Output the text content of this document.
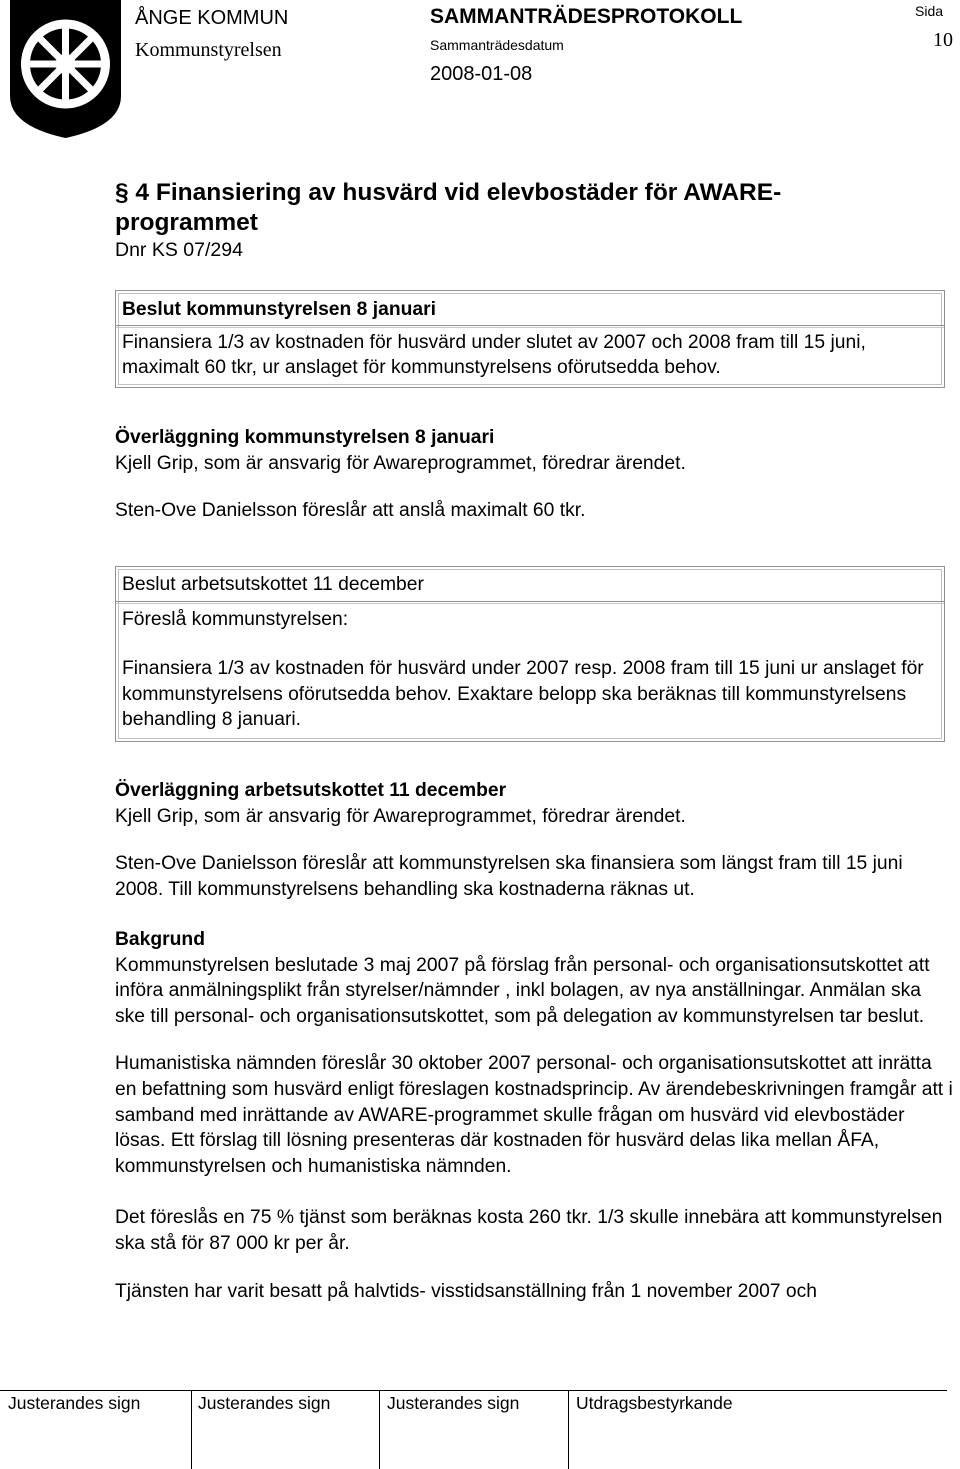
ÅNGE KOMMUN
Kommunstyrelsen
SAMMANTRÄDESPROTOKOLL
Sammanträdesdatum
2008-01-08
Sida
10
§ 4 Finansiering av husvärd vid elevbostäder för AWARE-programmet
Dnr KS 07/294

Beslut kommunstyrelsen 8 januari

Finansiera 1/3 av kostnaden för husvärd under slutet av 2007 och 2008 fram till 15 juni, maximalt 60 tkr, ur anslaget för kommunstyrelsens oförutsedda behov.

Överläggning kommunstyrelsen 8 januari

Kjell Grip, som är ansvarig för Awareprogrammet, föredrar ärendet.

Sten-Ove Danielsson föreslår att anslå maximalt 60 tkr.

Beslut arbetsutskottet 11 december

Föreslå kommunstyrelsen:

Finansiera 1/3 av kostnaden för husvärd under 2007 resp. 2008 fram till 15 juni ur anslaget för kommunstyrelsens oförutsedda behov. Exaktare belopp ska beräknas till kommunstyrelsens behandling 8 januari.

Överläggning arbetsutskottet 11 december

Kjell Grip, som är ansvarig för Awareprogrammet, föredrar ärendet.

Sten-Ove Danielsson föreslår att kommunstyrelsen ska finansiera som längst fram till 15 juni 2008. Till kommunstyrelsens behandling ska kostnaderna räknas ut.

Bakgrund

Kommunstyrelsen beslutade 3 maj 2007 på förslag från personal- och organisationsutskottet att införa anmälningsplikt från styrelser/nämnder , inkl bolagen, av nya anställningar. Anmälan ska ske till personal- och organisationsutskottet, som på delegation av kommunstyrelsen tar beslut.

Humanistiska nämnden föreslår 30 oktober 2007 personal- och organisationsutskottet att inrätta en befattning som husvärd enligt föreslagen kostnadsprincip. Av ärendebeskrivningen framgår att i samband med inrättande av AWARE-programmet skulle frågan om husvärd vid elevbostäder lösas. Ett förslag till lösning presenteras där kostnaden för husvärd delas lika mellan ÅFA, kommunstyrelsen och humanistiska nämnden.

Det föreslås en 75 % tjänst som beräknas kosta 260 tkr. 1/3 skulle innebära att kommunstyrelsen ska stå för 87 000 kr per år.

Tjänsten har varit besatt på halvtids- visstidsanställning från 1 november 2007 och

Justerandes sign	Justerandes sign	Justerandes sign	Utdragsbestyrkande
